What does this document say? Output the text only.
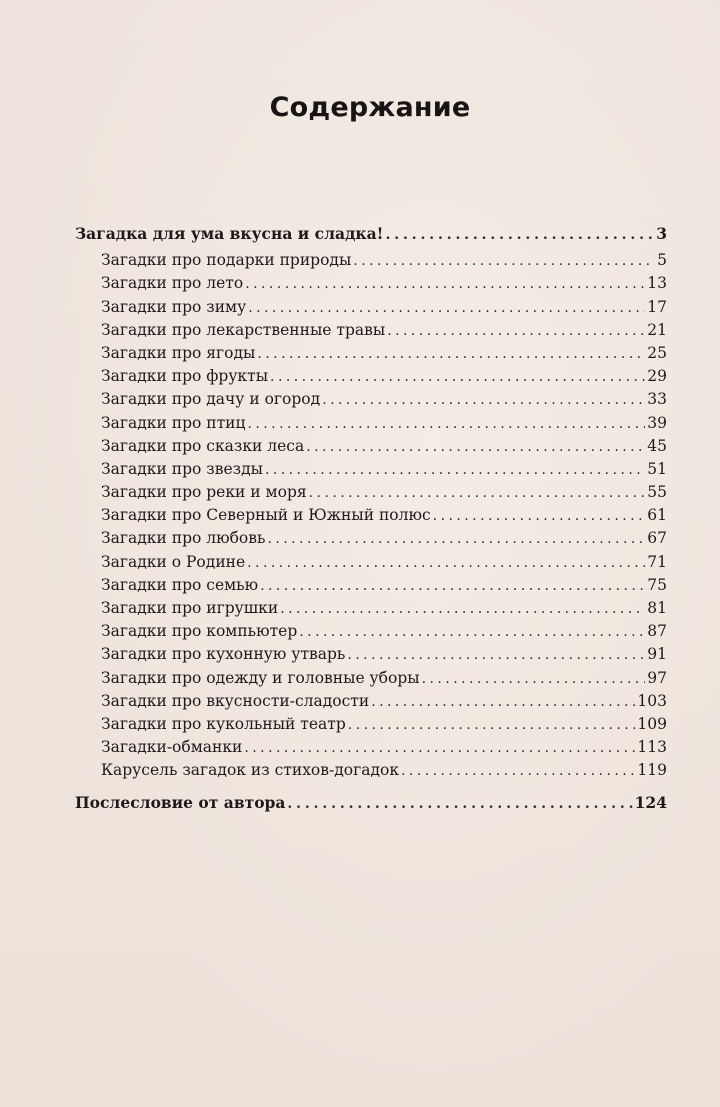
Содержание
Загадка для ума вкусна и сладка! . . .	3
Загадки про подарки природы . . .	5
Загадки про лето . . .	13
Загадки про зиму . . .	17
Загадки про лекарственные травы . . .	21
Загадки про ягоды . . .	25
Загадки про фрукты . . .	29
Загадки про дачу и огород . . .	33
Загадки про птиц . . .	39
Загадки про сказки леса . . .	45
Загадки про звезды . . .	51
Загадки про реки и моря . . .	55
Загадки про Северный и Южный полюс . . .	61
Загадки про любовь . . .	67
Загадки о Родине . . .	71
Загадки про семью . . .	75
Загадки про игрушки . . .	81
Загадки про компьютер . . .	87
Загадки про кухонную утварь . . .	91
Загадки про одежду и головные уборы . . .	97
Загадки про вкусности-сладости . . .	103
Загадки про кукольный театр . . .	109
Загадки-обманки . . .	113
Карусель загадок из стихов-догадок . . .	119
Послесловие от автора . . .	124
